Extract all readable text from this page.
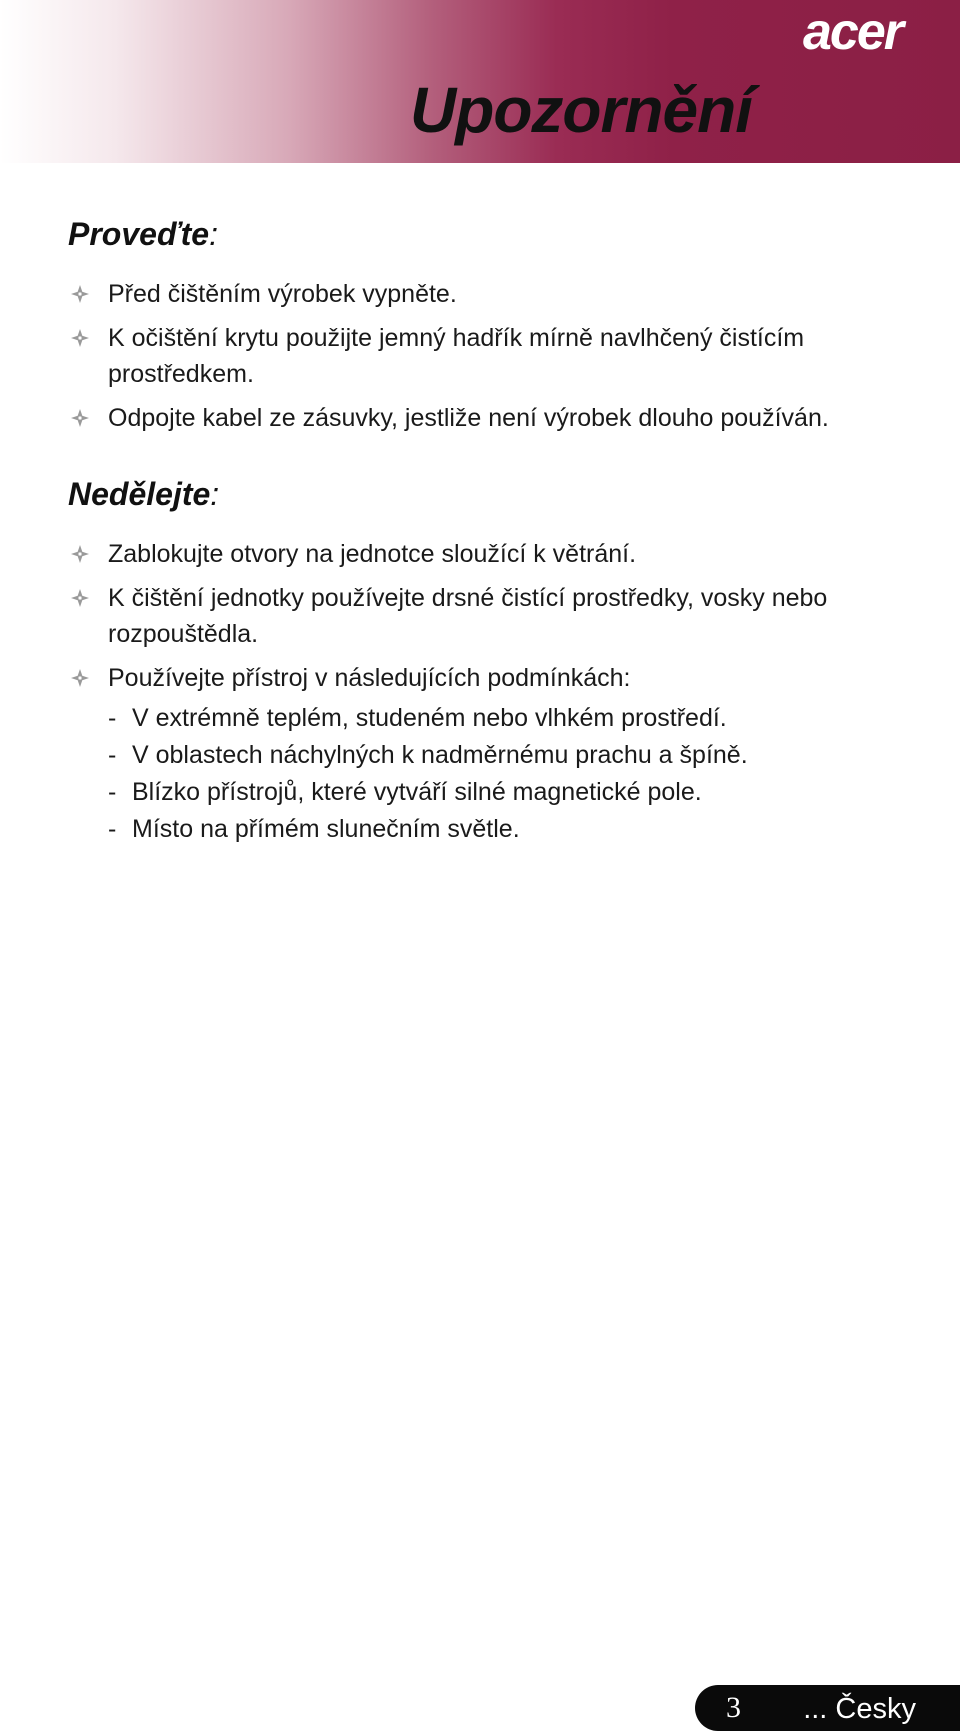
acer
Upozornění
Proveďte:
Před čištěním výrobek vypněte.
K očištění krytu použijte jemný hadřík mírně navlhčený čistícím prostředkem.
Odpojte kabel ze zásuvky, jestliže není výrobek dlouho používán.
Nedělejte:
Zablokujte otvory na jednotce sloužící k větrání.
K čištění jednotky používejte drsné čistící prostředky, vosky nebo rozpouštědla.
Používejte přístroj v následujících podmínkách:
- V extrémně teplém, studeném nebo vlhkém prostředí.
- V oblastech náchylných k nadměrnému prachu a špíně.
- Blízko přístrojů, které vytváří silné magnetické pole.
- Místo na přímém slunečním světle.
3 ... Česky
